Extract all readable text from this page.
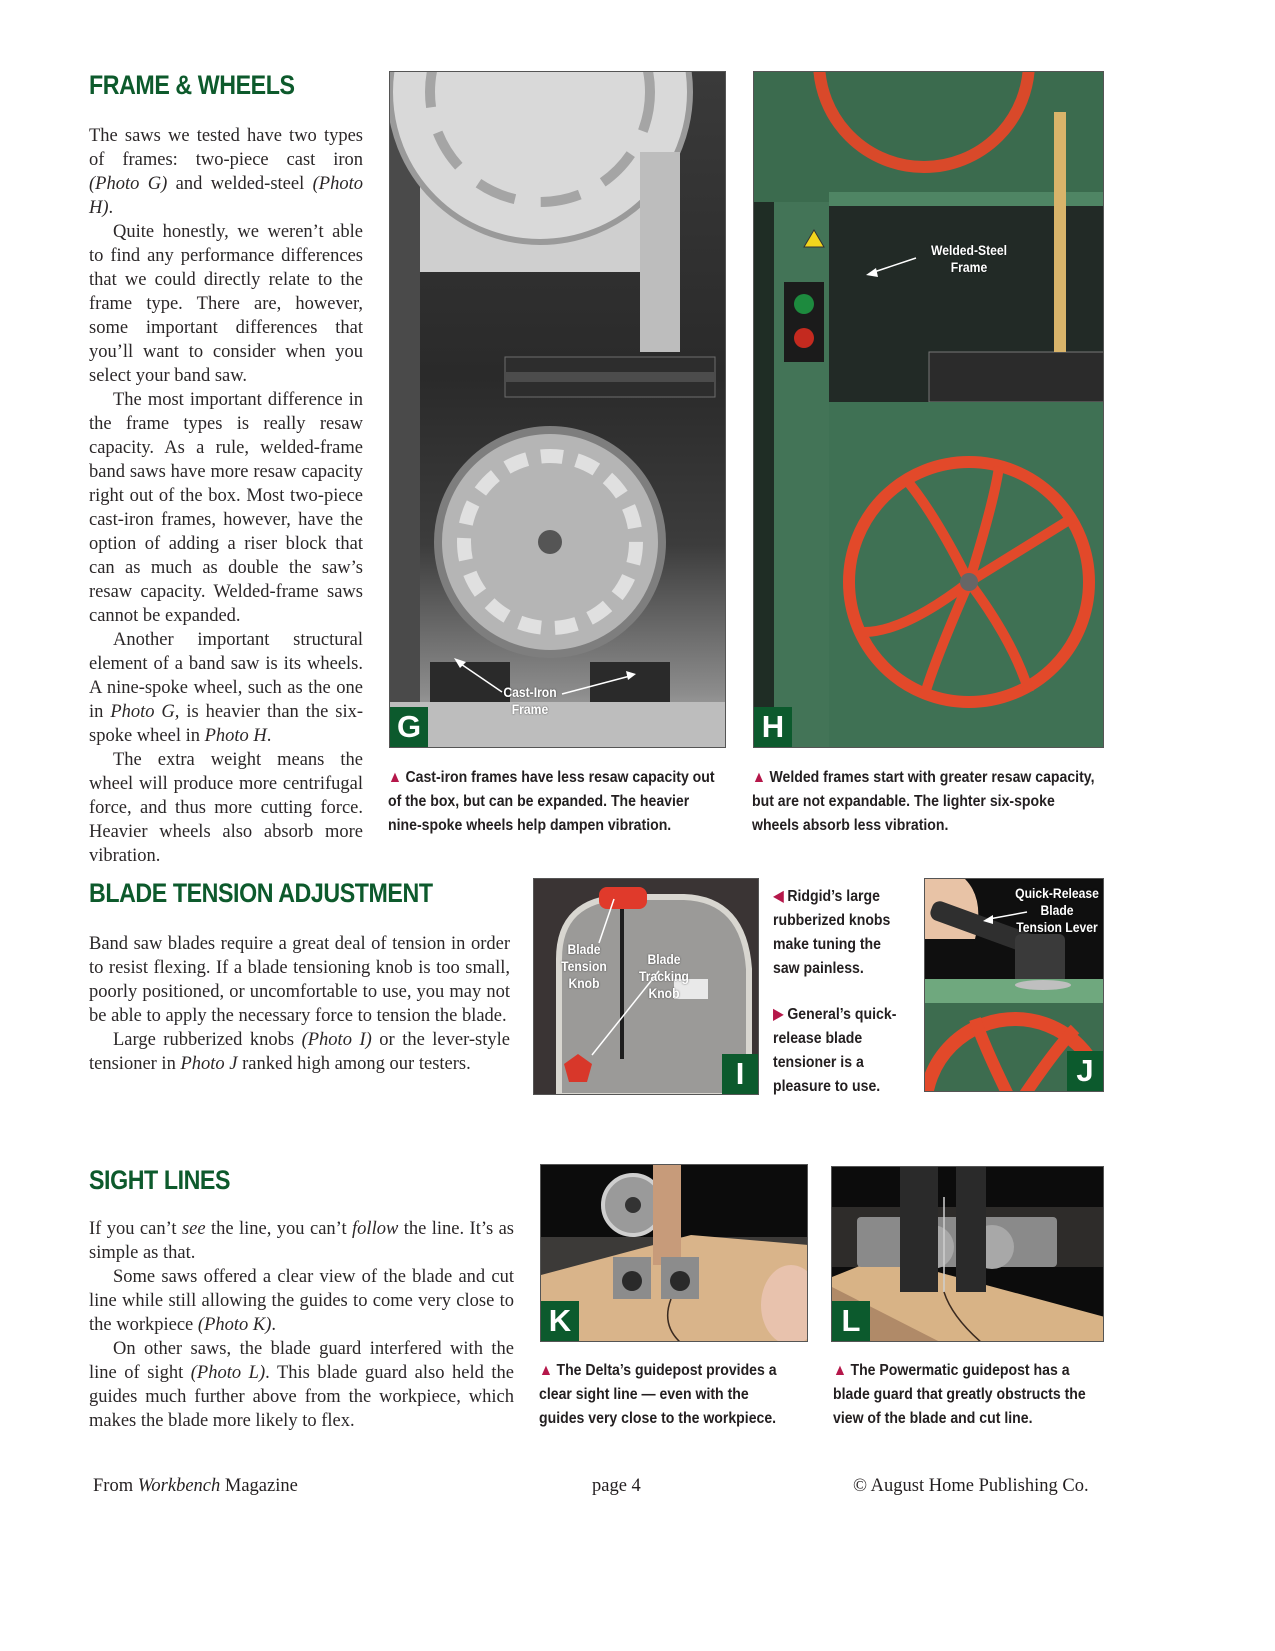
FRAME & WHEELS

The saws we tested have two types of frames: two-piece cast iron (Photo G) and welded-steel (Photo H).

Quite honestly, we weren’t able to find any performance differences that we could directly relate to the frame type. There are, however, some important differences that you’ll want to consider when you select your band saw.

The most important difference in the frame types is really resaw capacity. As a rule, welded-frame band saws have more resaw capacity right out of the box. Most two-piece cast-iron frames, however, have the option of adding a riser block that can as much as double the saw’s resaw capacity. Welded-frame saws cannot be expanded.

Another important structural element of a band saw is its wheels. A nine-spoke wheel, such as the one in Photo G, is heavier than the six-spoke wheel in Photo H.

The extra weight means the wheel will produce more centrifugal force, and thus more cutting force. Heavier wheels also absorb more vibration.

Cast-Iron
Frame
G
▲ Cast-iron frames have less resaw capacity out of the box, but can be expanded. The heavier nine-spoke wheels help dampen vibration.
Welded-Steel
Frame
H
▲ Welded frames start with greater resaw capacity, but are not expandable. The lighter six-spoke wheels absorb less vibration.
BLADE TENSION ADJUSTMENT

Band saw blades require a great deal of tension in order to resist flexing. If a blade tensioning knob is too small, poorly positioned, or uncomfortable to use, you may not be able to apply the necessary force to tension the blade.

Large rubberized knobs (Photo I) or the lever-style tensioner in Photo J ranked high among our testers.

Blade
Tension
Knob
Blade
Tracking
Knob
I
◀ Ridgid’s large rubberized knobs make tuning the saw painless.
▶ General’s quick-release blade tensioner is a pleasure to use.
Quick-Release
Blade
Tension Lever
J
SIGHT LINES

If you can’t see the line, you can’t follow the line. It’s as simple as that.

Some saws offered a clear view of the blade and cut line while still allowing the guides to come very close to the workpiece (Photo K).

On other saws, the blade guard interfered with the line of sight (Photo L). This blade guard also held the guides much further above from the workpiece, which makes the blade more likely to flex.

K
▲ The Delta’s guidepost provides a clear sight line — even with the guides very close to the workpiece.
L
▲ The Powermatic guidepost has a blade guard that greatly obstructs the view of the blade and cut line.
From Workbench Magazine	page 4	© August Home Publishing Co.
